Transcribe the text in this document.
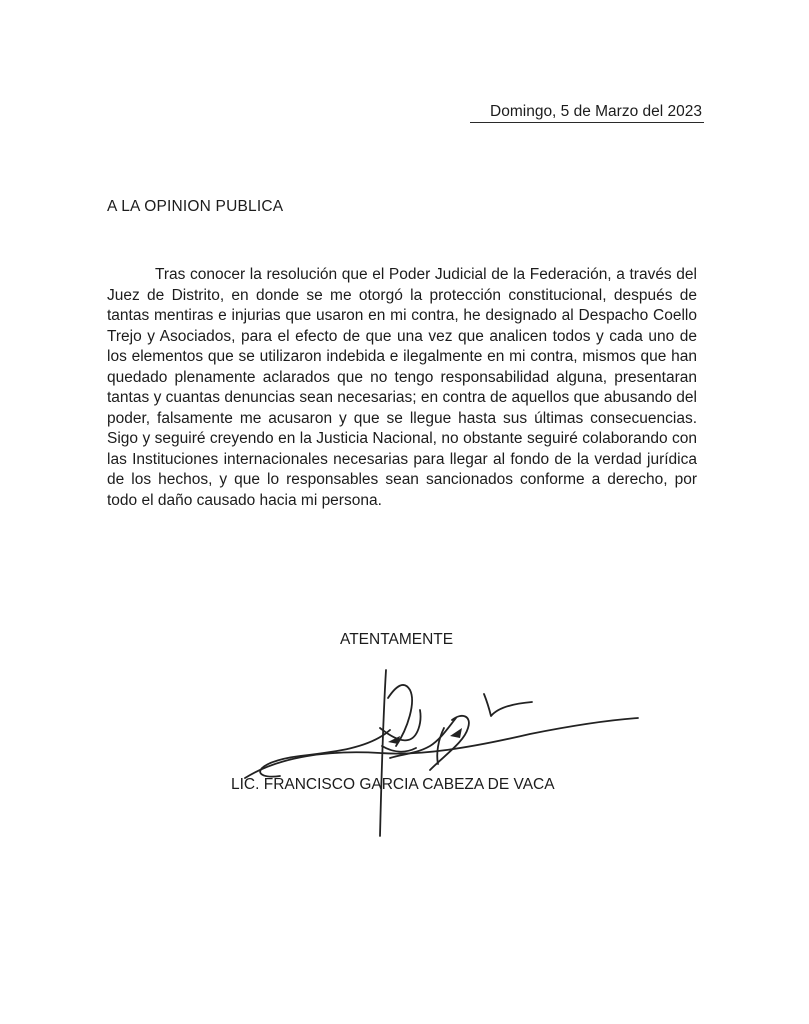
Domingo, 5 de Marzo del 2023
A LA OPINION PUBLICA

Tras conocer la resolución que el Poder Judicial de la Federación, a través del Juez de Distrito, en donde se me otorgó la protección constitucional, después de tantas mentiras e injurias que usaron en mi contra, he designado al Despacho Coello Trejo y Asociados, para el efecto de que una vez que analicen todos y cada uno de los elementos que se utilizaron indebida e ilegalmente en mi contra, mismos que han quedado plenamente aclarados que no tengo responsabilidad alguna, presentaran tantas y cuantas denuncias sean necesarias; en contra de aquellos que abusando del poder, falsamente me acusaron y que se llegue hasta sus últimas consecuencias. Sigo y seguiré creyendo en la Justicia Nacional, no obstante seguiré colaborando con las Instituciones internacionales necesarias para llegar al fondo de la verdad jurídica de los hechos, y que lo responsables sean sancionados conforme a derecho, por todo el daño causado hacia mi persona.

ATENTAMENTE
LIC. FRANCISCO GARCIA CABEZA DE VACA
